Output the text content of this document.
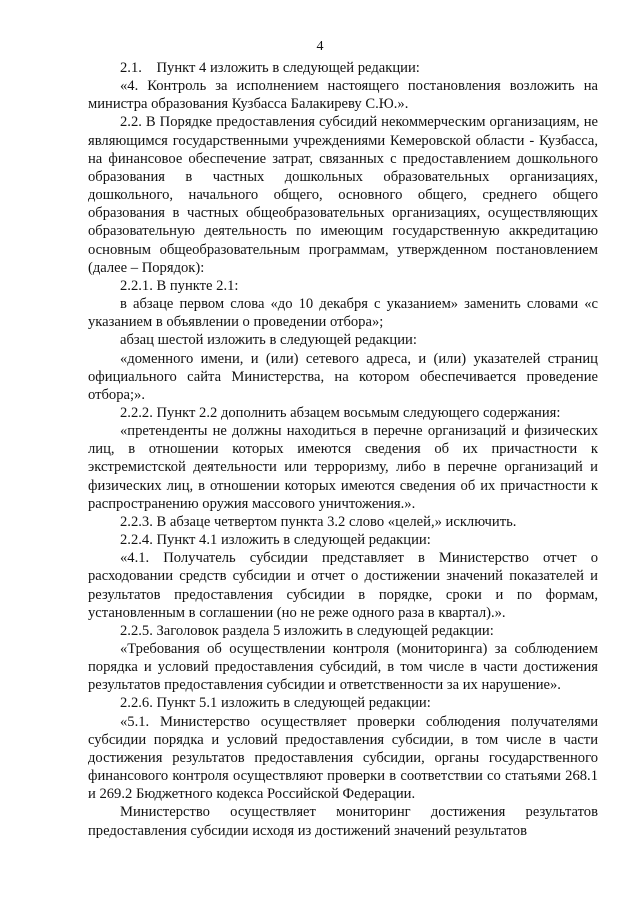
4

2.1.    Пункт 4 изложить в следующей редакции:

«4. Контроль за исполнением настоящего постановления возложить на министра образования Кузбасса Балакиреву С.Ю.».

2.2. В Порядке предоставления субсидий некоммерческим организациям, не являющимся государственными учреждениями Кемеровской области - Кузбасса, на финансовое обеспечение затрат, связанных с предоставлением дошкольного образования в частных дошкольных образовательных организациях, дошкольного, начального общего, основного общего, среднего общего образования в частных общеобразовательных организациях, осуществляющих образовательную деятельность по имеющим государственную аккредитацию основным общеобразовательным программам, утвержденном постановлением (далее – Порядок):

2.2.1. В пункте 2.1:

в абзаце первом слова «до 10 декабря с указанием» заменить словами «с указанием в объявлении о проведении отбора»;

абзац шестой изложить в следующей редакции:

«доменного имени, и (или) сетевого адреса, и (или) указателей страниц официального сайта Министерства, на котором обеспечивается проведение отбора;».

2.2.2. Пункт 2.2 дополнить абзацем восьмым следующего содержания:

«претенденты не должны находиться в перечне организаций и физических лиц, в отношении которых имеются сведения об их причастности к экстремистской деятельности или терроризму, либо в перечне организаций и физических лиц, в отношении которых имеются сведения об их причастности к распространению оружия массового уничтожения.».

2.2.3. В абзаце четвертом пункта 3.2 слово «целей,» исключить.

2.2.4. Пункт 4.1 изложить в следующей редакции:

«4.1. Получатель субсидии представляет в Министерство отчет о расходовании средств субсидии и отчет о достижении значений показателей и результатов предоставления субсидии в порядке, сроки и по формам, установленным в соглашении (но не реже одного раза в квартал).».

2.2.5. Заголовок раздела 5 изложить в следующей редакции:

«Требования об осуществлении контроля (мониторинга) за соблюдением порядка и условий предоставления субсидий, в том числе в части достижения результатов предоставления субсидии и ответственности за их нарушение».

2.2.6. Пункт 5.1 изложить в следующей редакции:

«5.1. Министерство осуществляет проверки соблюдения получателями субсидии порядка и условий предоставления субсидии, в том числе в части достижения результатов предоставления субсидии, органы государственного финансового контроля осуществляют проверки в соответствии со статьями 268.1 и 269.2 Бюджетного кодекса Российской Федерации.

Министерство осуществляет мониторинг достижения результатов предоставления субсидии исходя из достижений значений результатов
